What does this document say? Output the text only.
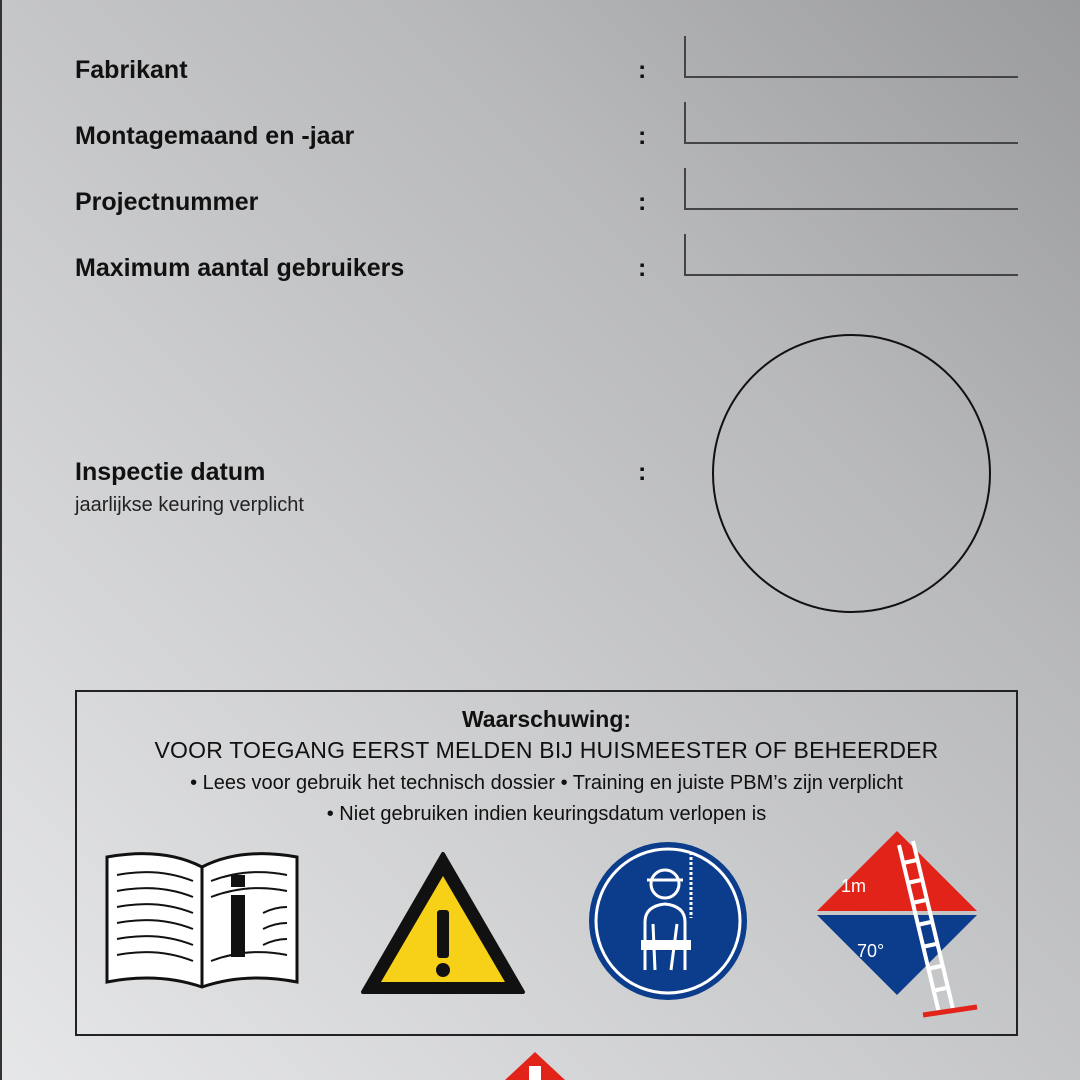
Fabrikant	:
Montagemaand en -jaar	:
Projectnummer	:
Maximum aantal gebruikers	:
Inspectie datum	:
jaarlijkse keuring verplicht
Waarschuwing:
VOOR TOEGANG EERST MELDEN BIJ HUISMEESTER OF BEHEERDER
• Lees voor gebruik het technisch dossier • Training en juiste PBM’s zijn verplicht
• Niet gebruiken indien keuringsdatum verlopen is
1m
70°
